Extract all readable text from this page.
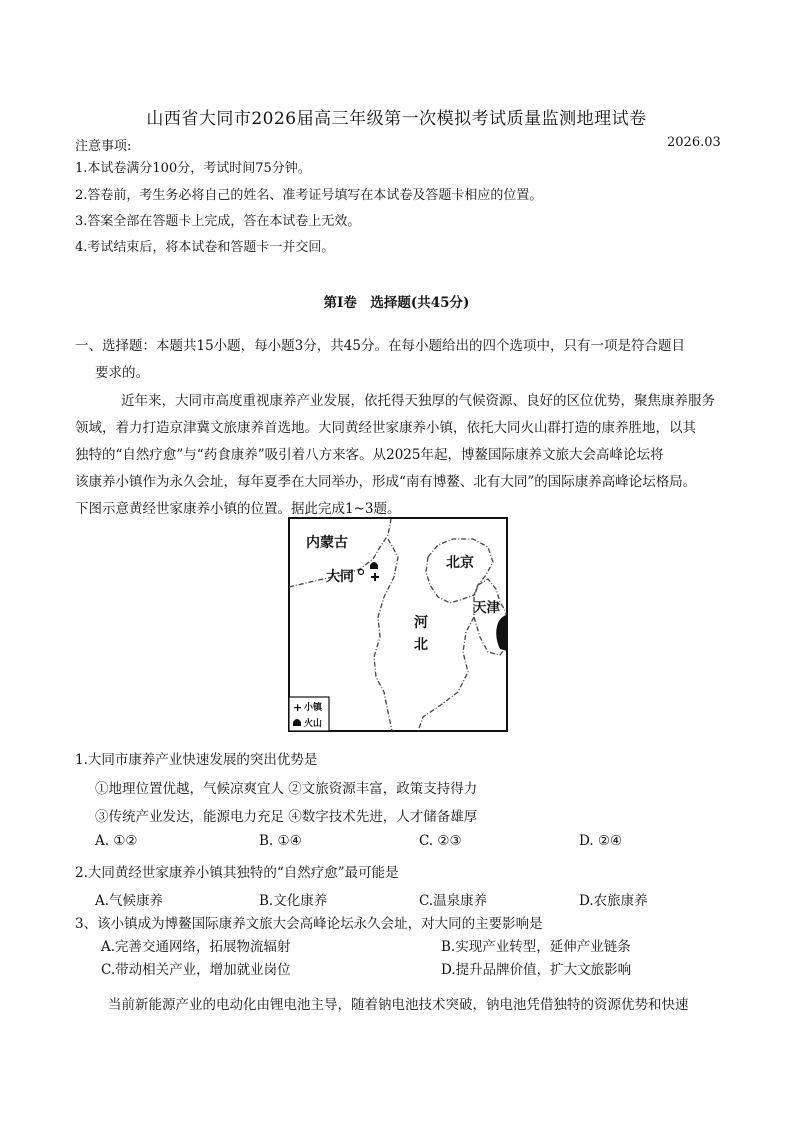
山西省大同市2026届高三年级第一次模拟考试质量监测地理试卷
注意事项:	2026.03
1.本试卷满分100分，考试时间75分钟。
2.答卷前，考生务必将自己的姓名、准考证号填写在本试卷及答题卡相应的位置。
3.答案全部在答题卡上完成，答在本试卷上无效。
4.考试结束后，将本试卷和答题卡一并交回。
第Ⅰ卷　选择题(共45分)
一、选择题：本题共15小题，每小题3分，共45分。在每小题给出的四个选项中，只有一项是符合题目
要求的。
近年来，大同市高度重视康养产业发展，依托得天独厚的气候资源、良好的区位优势，聚焦康养服务
领域，着力打造京津冀文旅康养首选地。大同黄经世家康养小镇，依托大同火山群打造的康养胜地，以其
独特的“自然疗愈”与“药食康养”吸引着八方来客。从2025年起，博鳌国际康养文旅大会高峰论坛将
该康养小镇作为永久会址，每年夏季在大同举办，形成“南有博鳌、北有大同”的国际康养高峰论坛格局。
下图示意黄经世家康养小镇的位置。据此完成1~3题。
内蒙古
北京
大同
天津
河
北
+ 小镇
火山
1.大同市康养产业快速发展的突出优势是
①地理位置优越，气候凉爽宜人 ②文旅资源丰富，政策支持得力
③传统产业发达，能源电力充足 ④数字技术先进，人才储备雄厚
A. ①②	B. ①④	C. ②③	D. ②④
2.大同黄经世家康养小镇其独特的“自然疗愈”最可能是
A.气候康养	B.文化康养	C.温泉康养	D.农旅康养
3、该小镇成为博鳌国际康养文旅大会高峰论坛永久会址，对大同的主要影响是
A.完善交通网络，拓展物流辐射	B.实现产业转型，延伸产业链条
C.带动相关产业，增加就业岗位	D.提升品牌价值，扩大文旅影响
当前新能源产业的电动化由锂电池主导，随着钠电池技术突破，钠电池凭借独特的资源优势和快速
